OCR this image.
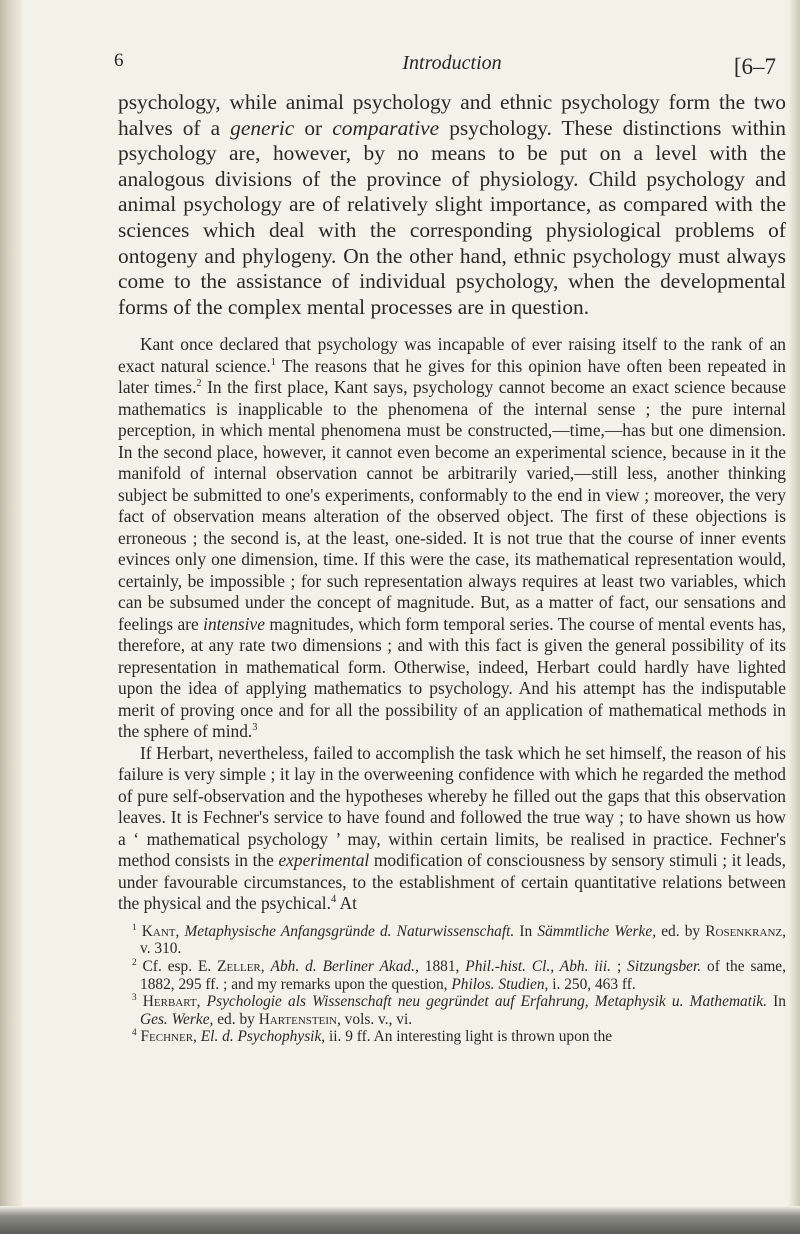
6	Introduction	[6–7

psychology, while animal psychology and ethnic psychology form the two halves of a generic or comparative psychology. These distinctions within psychology are, however, by no means to be put on a level with the analogous divisions of the province of physiology. Child psychology and animal psychology are of relatively slight importance, as compared with the sciences which deal with the corresponding physiological problems of ontogeny and phylogeny. On the other hand, ethnic psychology must always come to the assistance of individual psychology, when the developmental forms of the complex mental processes are in question.

Kant once declared that psychology was incapable of ever raising itself to the rank of an exact natural science.$^1$ The reasons that he gives for this opinion have often been repeated in later times.$^2$ In the first place, Kant says, psychology cannot become an exact science because mathematics is inapplicable to the phenomena of the internal sense ; the pure internal perception, in which mental phenomena must be constructed,—time,—has but one dimension. In the second place, however, it cannot even become an experimental science, because in it the manifold of internal observation cannot be arbitrarily varied,—still less, another thinking subject be submitted to one's experiments, conformably to the end in view ; moreover, the very fact of observation means alteration of the observed object. The first of these objections is erroneous ; the second is, at the least, one-sided. It is not true that the course of inner events evinces only one dimension, time. If this were the case, its mathematical representation would, certainly, be impossible ; for such representation always requires at least two variables, which can be subsumed under the concept of magnitude. But, as a matter of fact, our sensations and feelings are intensive magnitudes, which form temporal series. The course of mental events has, therefore, at any rate two dimensions ; and with this fact is given the general possibility of its representation in mathematical form. Otherwise, indeed, Herbart could hardly have lighted upon the idea of applying mathematics to psychology. And his attempt has the indisputable merit of proving once and for all the possibility of an application of mathematical methods in the sphere of mind.$^3$

If Herbart, nevertheless, failed to accomplish the task which he set himself, the reason of his failure is very simple ; it lay in the overweening confidence with which he regarded the method of pure self-observation and the hypotheses whereby he filled out the gaps that this observation leaves. It is Fechner's service to have found and followed the true way ; to have shown us how a ‘ mathematical psychology ’ may, within certain limits, be realised in practice. Fechner's method consists in the experimental modification of consciousness by sensory stimuli ; it leads, under favourable circumstances, to the establishment of certain quantitative relations between the physical and the psychical.$^4$ At

$^1$ Kant, Metaphysische Anfangsgründe d. Naturwissenschaft. In Sämmtliche Werke, ed. by Rosenkranz, v. 310.

$^2$ Cf. esp. E. Zeller, Abh. d. Berliner Akad., 1881, Phil.-hist. Cl., Abh. iii. ; Sitzungsber. of the same, 1882, 295 ff. ; and my remarks upon the question, Philos. Studien, i. 250, 463 ff.

$^3$ Herbart, Psychologie als Wissenschaft neu gegründet auf Erfahrung, Metaphysik u. Mathematik. In Ges. Werke, ed. by Hartenstein, vols. v., vi.

$^4$ Fechner, El. d. Psychophysik, ii. 9 ff. An interesting light is thrown upon the
